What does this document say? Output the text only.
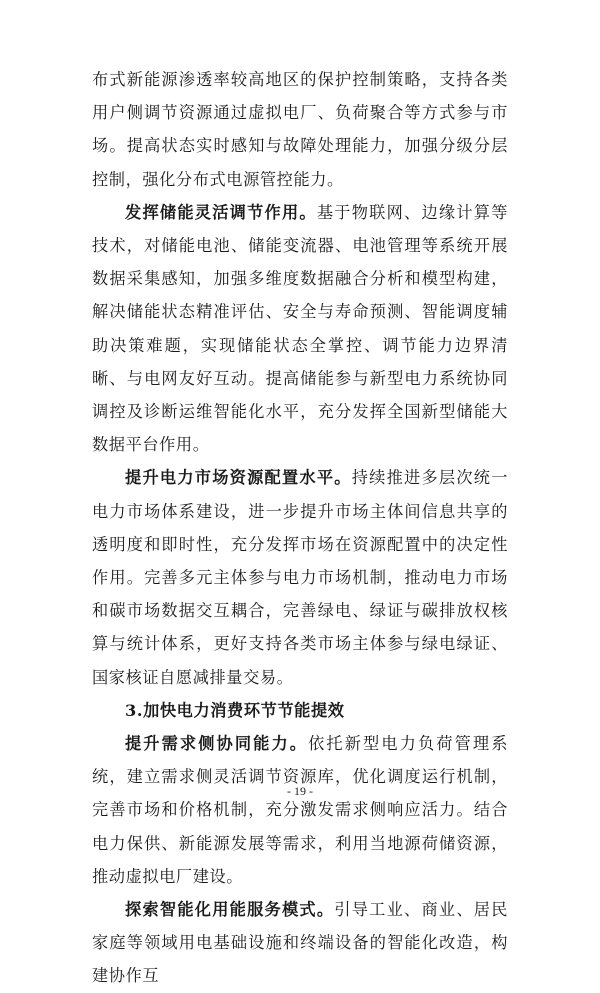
布式新能源渗透率较高地区的保护控制策略，支持各类用户侧调节资源通过虚拟电厂、负荷聚合等方式参与市场。提高状态实时感知与故障处理能力，加强分级分层控制，强化分布式电源管控能力。

发挥储能灵活调节作用。基于物联网、边缘计算等技术，对储能电池、储能变流器、电池管理等系统开展数据采集感知，加强多维度数据融合分析和模型构建，解决储能状态精准评估、安全与寿命预测、智能调度辅助决策难题，实现储能状态全掌控、调节能力边界清晰、与电网友好互动。提高储能参与新型电力系统协同调控及诊断运维智能化水平，充分发挥全国新型储能大数据平台作用。

提升电力市场资源配置水平。持续推进多层次统一电力市场体系建设，进一步提升市场主体间信息共享的透明度和即时性，充分发挥市场在资源配置中的决定性作用。完善多元主体参与电力市场机制，推动电力市场和碳市场数据交互耦合，完善绿电、绿证与碳排放权核算与统计体系，更好支持各类市场主体参与绿电绿证、国家核证自愿减排量交易。

3.加快电力消费环节节能提效

提升需求侧协同能力。依托新型电力负荷管理系统，建立需求侧灵活调节资源库，优化调度运行机制，完善市场和价格机制，充分激发需求侧响应活力。结合电力保供、新能源发展等需求，利用当地源荷储资源，推动虚拟电厂建设。

探索智能化用能服务模式。引导工业、商业、居民家庭等领域用电基础设施和终端设备的智能化改造，构建协作互

- 19 -
